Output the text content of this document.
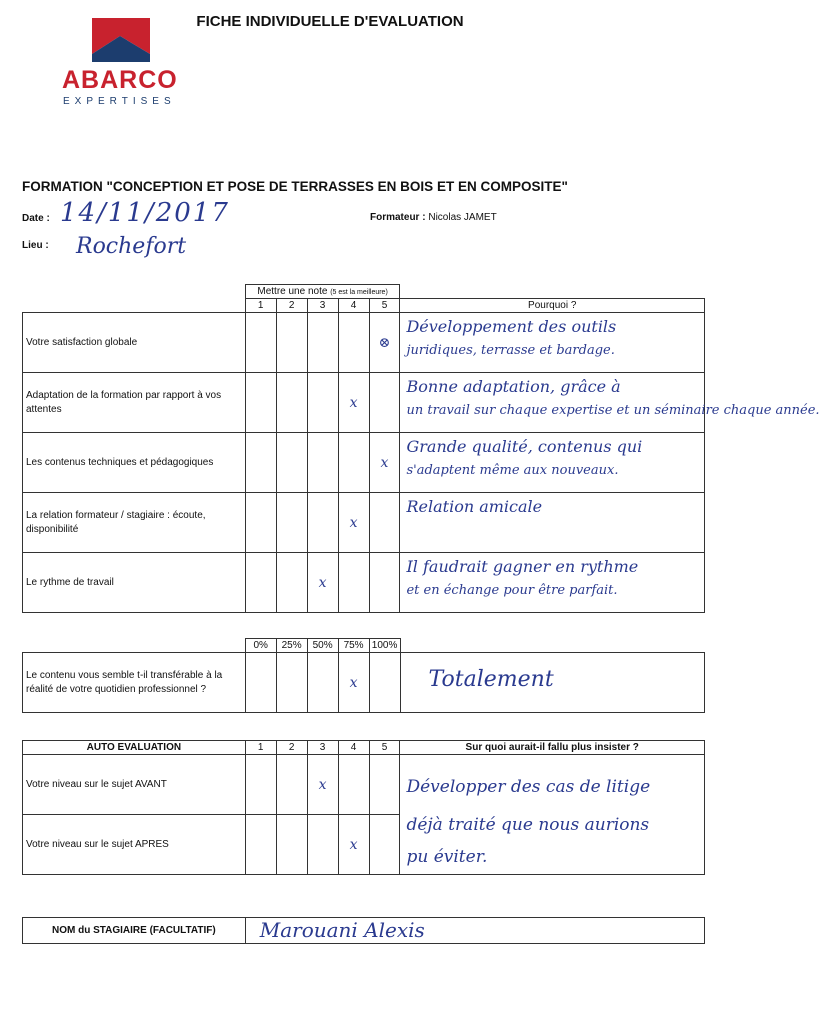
FICHE INDIVIDUELLE D'EVALUATION
ABARCO
EXPERTISES
FORMATION "CONCEPTION ET POSE DE TERRASSES EN BOIS ET EN COMPOSITE"
Date : 14/11/2017
Lieu : Rochefort
Formateur : Nicolas JAMET
	Mettre une note (5 est la meilleure)					
	1	2	3	4	5	Pourquoi ?
Votre satisfaction globale					⊗	Développement des outils
juridiques, terrasse et bardage.

Adaptation de la formation par rapport à vos attentes				x		Bonne adaptation, grâce à
un travail sur chaque expertise et un séminaire chaque année.

Les contenus techniques et pédagogiques					x	Grande qualité, contenus qui
s'adaptent même aux nouveaux.

La relation formateur / stagiaire : écoute, disponibilité				x		Relation amicale

Le rythme de travail			x			Il faudrait gagner en rythme
et en échange pour être parfait.
	0%	25%	50%	75%	100%	
Le contenu vous semble t-il transférable à la réalité de votre quotidien professionnel ?				x		Totalement
AUTO EVALUATION	1	2	3	4	5	Sur quoi aurait-il fallu plus insister ?
Votre niveau sur le sujet AVANT			x			Développer des cas de litige
déjà traité que nous aurions
pu éviter.

Votre niveau sur le sujet APRES				x		
NOM du STAGIAIRE (FACULTATIF)	Marouani Alexis
